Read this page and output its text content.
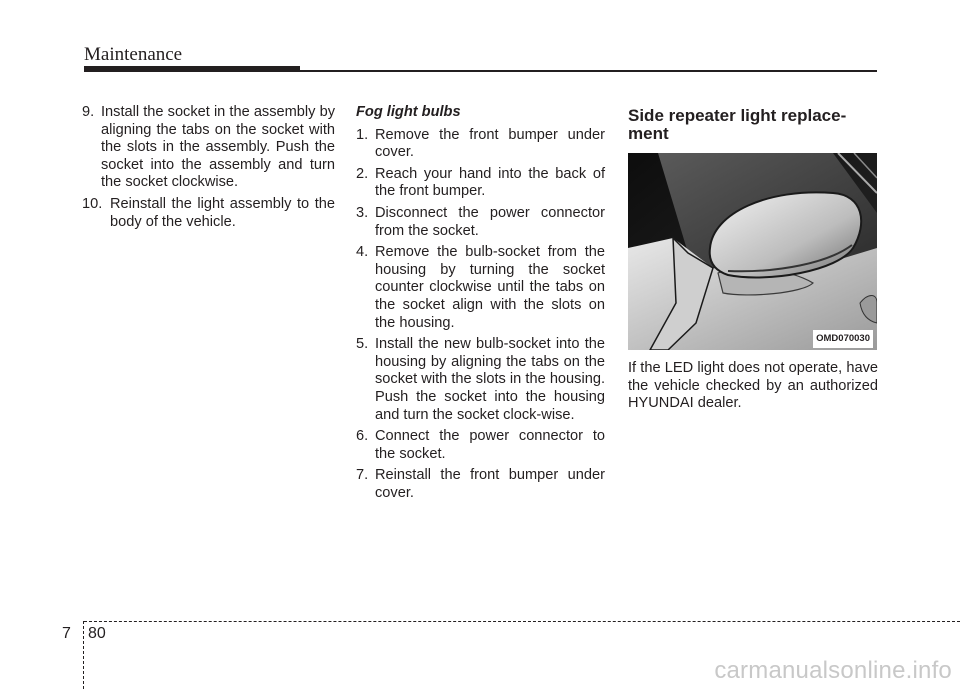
Maintenance
9. Install the socket in the assembly by aligning the tabs on the socket with the slots in the assembly. Push the socket into the assembly and turn the socket clockwise.
10. Reinstall the light assembly to the body of the vehicle.
Fog light bulbs
1. Remove the front bumper under cover.
2. Reach your hand into the back of the front bumper.
3. Disconnect the power connector from the socket.
4. Remove the bulb-socket from the housing by turning the socket counter clockwise until the tabs on the socket align with the slots on the housing.
5. Install the new bulb-socket into the housing by aligning the tabs on the socket with the slots in the housing. Push the socket into the housing and turn the socket clock-wise.
6. Connect the power connector to the socket.
7. Reinstall the front bumper under cover.
Side repeater light replace-ment
OMD070030
If the LED light does not operate, have the vehicle checked by an authorized HYUNDAI dealer.
7 80
carmanualsonline.info
